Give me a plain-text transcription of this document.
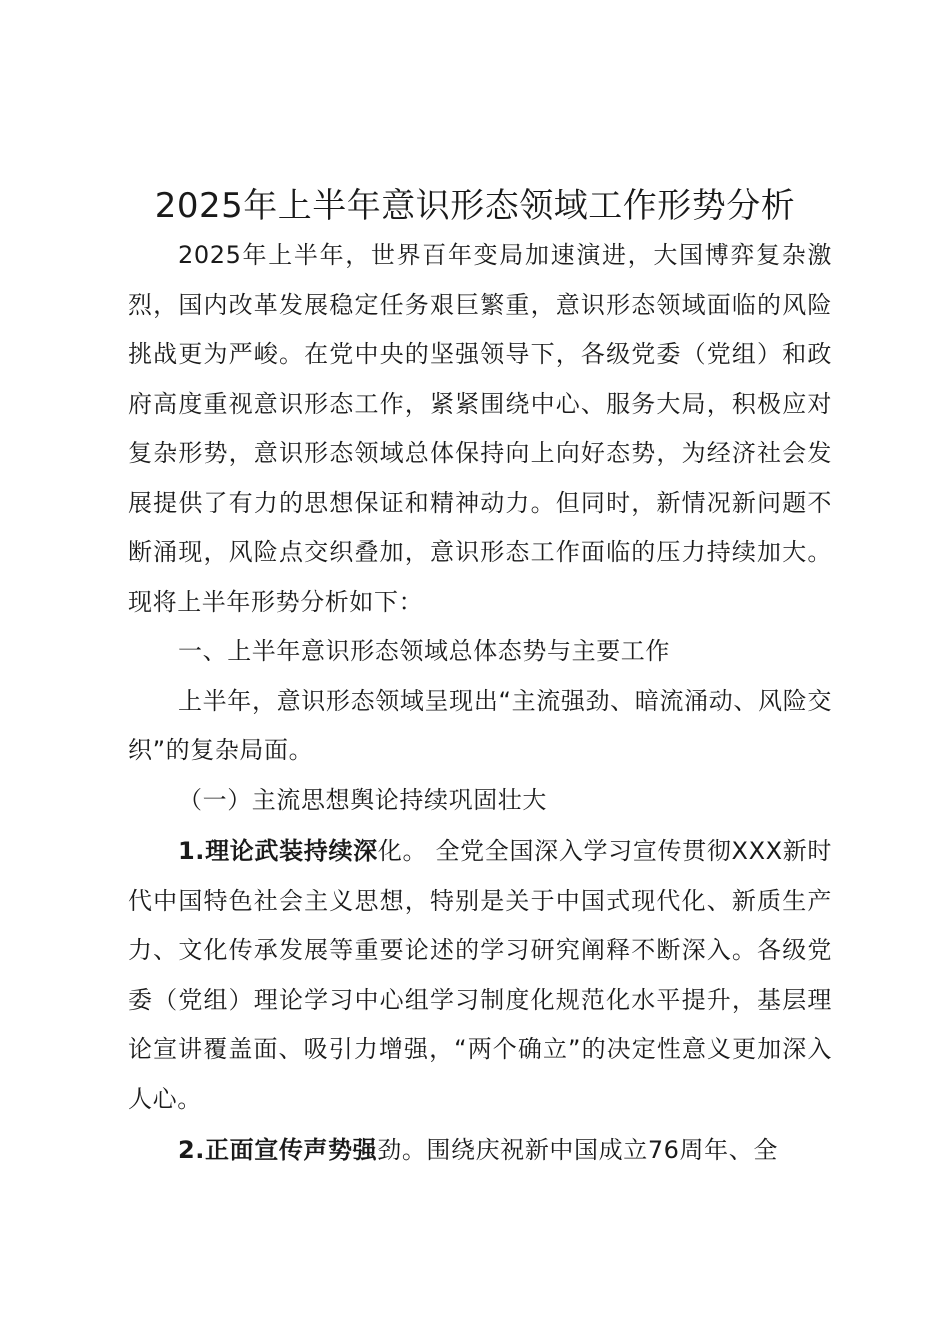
2025年上半年意识形态领域工作形势分析

2025年上半年，世界百年变局加速演进，大国博弈复杂激烈，国内改革发展稳定任务艰巨繁重，意识形态领域面临的风险挑战更为严峻。在党中央的坚强领导下，各级党委（党组）和政府高度重视意识形态工作，紧紧围绕中心、服务大局，积极应对复杂形势，意识形态领域总体保持向上向好态势，为经济社会发展提供了有力的思想保证和精神动力。但同时，新情况新问题不断涌现，风险点交织叠加，意识形态工作面临的压力持续加大。现将上半年形势分析如下：

一、上半年意识形态领域总体态势与主要工作

上半年，意识形态领域呈现出“主流强劲、暗流涌动、风险交织”的复杂局面。

（一）主流思想舆论持续巩固壮大

1.理论武装持续深化。 全党全国深入学习宣传贯彻XXX新时代中国特色社会主义思想，特别是关于中国式现代化、新质生产力、文化传承发展等重要论述的学习研究阐释不断深入。各级党委（党组）理论学习中心组学习制度化规范化水平提升，基层理论宣讲覆盖面、吸引力增强，“两个确立”的决定性意义更加深入人心。

2.正面宣传声势强劲。围绕庆祝新中国成立76周年、全
